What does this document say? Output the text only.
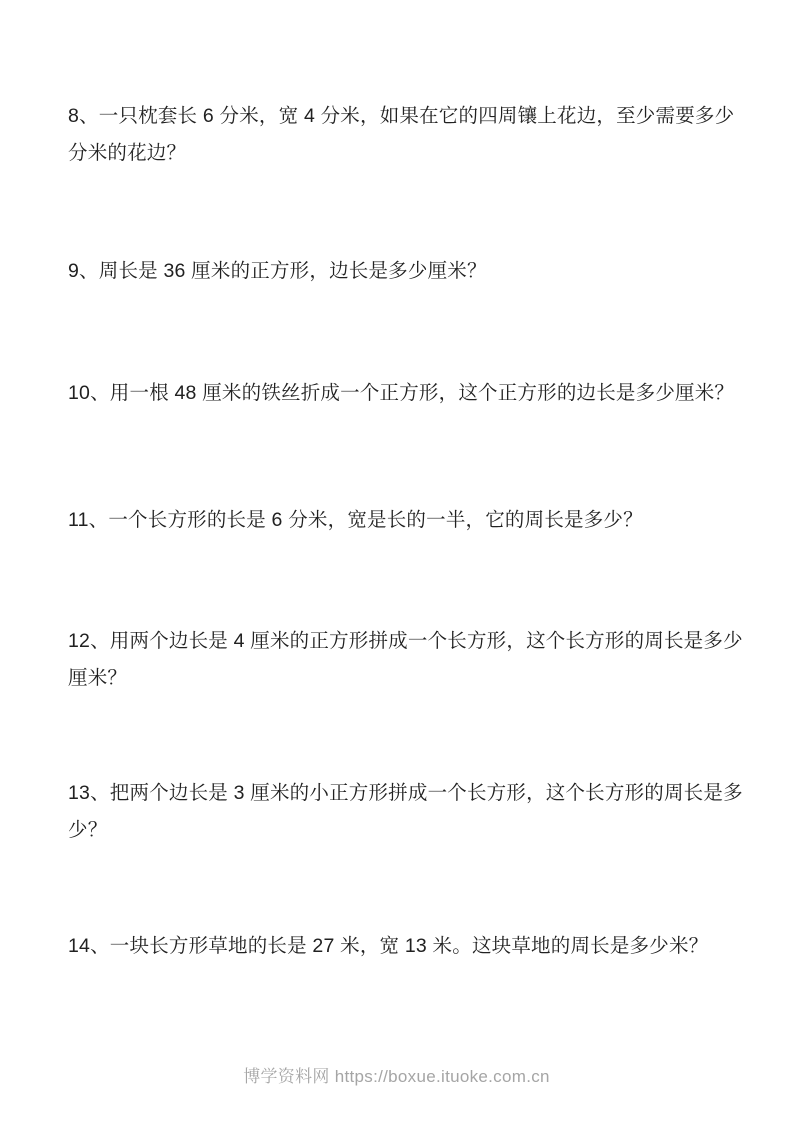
8、一只枕套长 6 分米，宽 4 分米，如果在它的四周镶上花边，至少需要多少分米的花边？

9、周长是 36 厘米的正方形，边长是多少厘米？

10、用一根 48 厘米的铁丝折成一个正方形，这个正方形的边长是多少厘米？

11、一个长方形的长是 6 分米，宽是长的一半，它的周长是多少？

12、用两个边长是 4 厘米的正方形拼成一个长方形，这个长方形的周长是多少厘米？

13、把两个边长是 3 厘米的小正方形拼成一个长方形，这个长方形的周长是多少？

14、一块长方形草地的长是 27 米，宽 13 米。这块草地的周长是多少米？

博学资料网 https://boxue.ituoke.com.cn
